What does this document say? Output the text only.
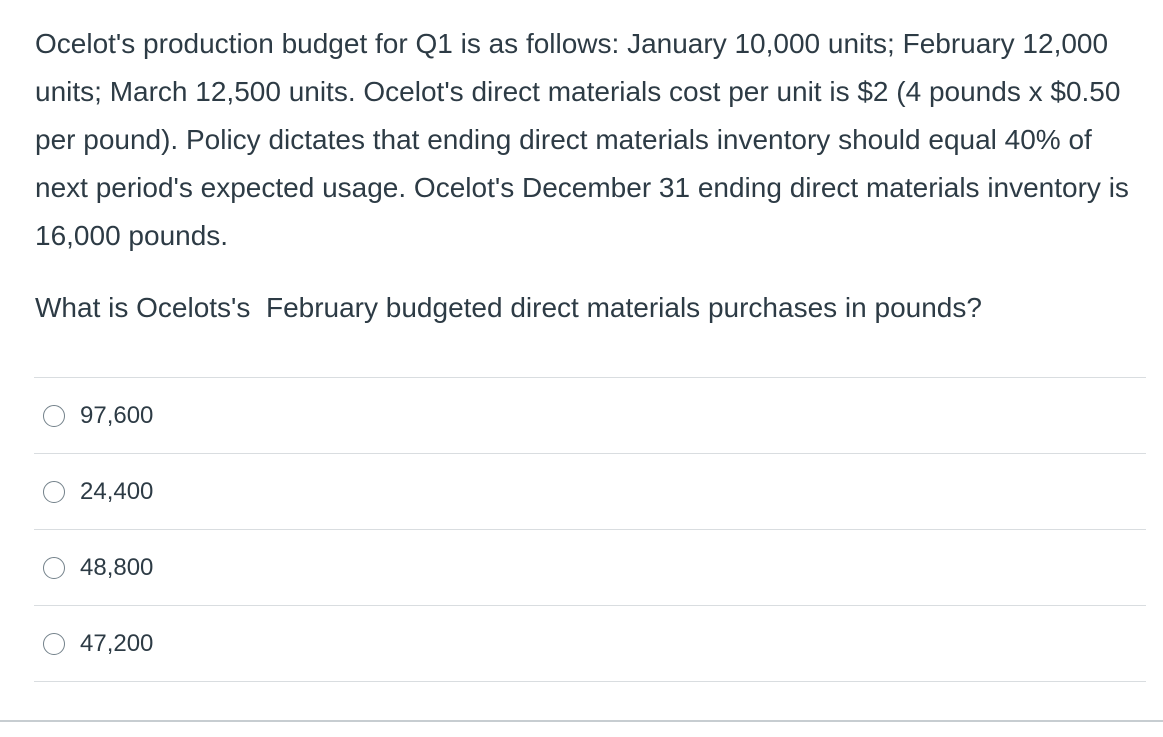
Ocelot's production budget for Q1 is as follows: January 10,000 units; February 12,000 units; March 12,500 units. Ocelot's direct materials cost per unit is $2 (4 pounds x $0.50 per pound). Policy dictates that ending direct materials inventory should equal 40% of next period's expected usage. Ocelot's December 31 ending direct materials inventory is 16,000 pounds.

What is Ocelots's  February budgeted direct materials purchases in pounds?

97,600
24,400
48,800
47,200
